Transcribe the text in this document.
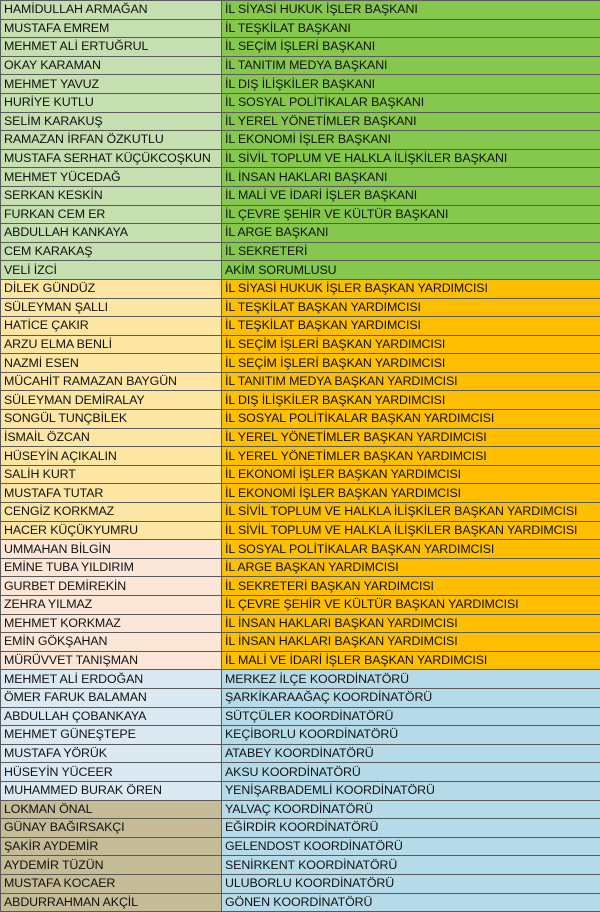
HAMİDULLAH ARMAĞAN	İL SİYASİ HUKUK İŞLER BAŞKANI
MUSTAFA EMREM	İL TEŞKİLAT BAŞKANI
MEHMET ALİ ERTUĞRUL	İL SEÇİM İŞLERİ BAŞKANI
OKAY KARAMAN	İL TANITIM MEDYA BAŞKANI
MEHMET YAVUZ	İL DIŞ İLİŞKİLER BAŞKANI
HURİYE KUTLU	İL SOSYAL POLİTİKALAR BAŞKANI
SELİM KARAKUŞ	İL YEREL YÖNETİMLER BAŞKANI
RAMAZAN İRFAN ÖZKUTLU	İL EKONOMİ İŞLER BAŞKANI
MUSTAFA SERHAT KÜÇÜKCOŞKUN	İL SİVİL TOPLUM VE HALKLA İLİŞKİLER BAŞKANI
MEHMET YÜCEDAĞ	İL İNSAN HAKLARI BAŞKANI
SERKAN KESKİN	İL MALİ VE İDARİ İŞLER BAŞKANI
FURKAN CEM ER	İL ÇEVRE ŞEHİR VE KÜLTÜR BAŞKANI
ABDULLAH KANKAYA	İL ARGE BAŞKANI
CEM KARAKAŞ	İL SEKRETERİ
VELİ İZCİ	AKİM SORUMLUSU
DİLEK GÜNDÜZ	İL SİYASİ HUKUK İŞLER BAŞKAN YARDIMCISI
SÜLEYMAN ŞALLI	İL TEŞKİLAT BAŞKAN YARDIMCISI
HATİCE ÇAKIR	İL TEŞKİLAT BAŞKAN YARDIMCISI
ARZU ELMA BENLİ	İL SEÇİM İŞLERİ BAŞKAN YARDIMCISI
NAZMİ ESEN	İL SEÇİM İŞLERİ BAŞKAN YARDIMCISI
MÜCAHİT RAMAZAN BAYGÜN	İL TANITIM MEDYA BAŞKAN YARDIMCISI
SÜLEYMAN DEMİRALAY	İL DIŞ İLİŞKİLER BAŞKAN YARDIMCISI
SONGÜL TUNÇBİLEK	İL SOSYAL POLİTİKALAR BAŞKAN YARDIMCISI
İSMAİL ÖZCAN	İL YEREL YÖNETİMLER BAŞKAN YARDIMCISI
HÜSEYİN AÇIKALIN	İL YEREL YÖNETİMLER BAŞKAN YARDIMCISI
SALİH KURT	İL EKONOMİ İŞLER BAŞKAN YARDIMCISI
MUSTAFA TUTAR	İL EKONOMİ İŞLER BAŞKAN YARDIMCISI
CENGİZ KORKMAZ	İL SİVİL TOPLUM VE HALKLA İLİŞKİLER BAŞKAN YARDIMCISI
HACER KÜÇÜKYUMRU	İL SİVİL TOPLUM VE HALKLA İLİŞKİLER BAŞKAN YARDIMCISI
UMMAHAN BİLGİN	İL SOSYAL POLİTİKALAR BAŞKAN YARDIMCISI
EMİNE TUBA YILDIRIM	İL ARGE BAŞKAN YARDIMCISI
GURBET DEMİREKİN	İL SEKRETERİ BAŞKAN YARDIMCISI
ZEHRA YILMAZ	İL ÇEVRE ŞEHİR VE KÜLTÜR BAŞKAN YARDIMCISI
MEHMET KORKMAZ	İL İNSAN HAKLARI BAŞKAN YARDIMCISI
EMİN GÖKŞAHAN	İL İNSAN HAKLARI BAŞKAN YARDIMCISI
MÜRÜVVET TANIŞMAN	İL MALİ VE İDARİ İŞLER BAŞKAN YARDIMCISI
MEHMET ALİ ERDOĞAN	MERKEZ İLÇE KOORDİNATÖRÜ
ÖMER FARUK BALAMAN	ŞARKİKARAAĞAÇ KOORDİNATÖRÜ
ABDULLAH ÇOBANKAYA	SÜTÇÜLER KOORDİNATÖRÜ
MEHMET GÜNEŞTEPE	KEÇİBORLU KOORDİNATÖRÜ
MUSTAFA YÖRÜK	ATABEY KOORDİNATÖRÜ
HÜSEYİN YÜCEER	AKSU KOORDİNATÖRÜ
MUHAMMED BURAK ÖREN	YENİŞARBADEMLİ KOORDİNATÖRÜ
LOKMAN ÖNAL	YALVAÇ KOORDİNATÖRÜ
GÜNAY BAĞIRSAKÇI	EĞİRDİR KOORDİNATÖRÜ
ŞAKİR AYDEMİR	GELENDOST KOORDİNATÖRÜ
AYDEMİR TÜZÜN	SENİRKENT KOORDİNATÖRÜ
MUSTAFA KOCAER	ULUBORLU KOORDİNATÖRÜ
ABDURRAHMAN AKÇİL	GÖNEN KOORDİNATÖRÜ
